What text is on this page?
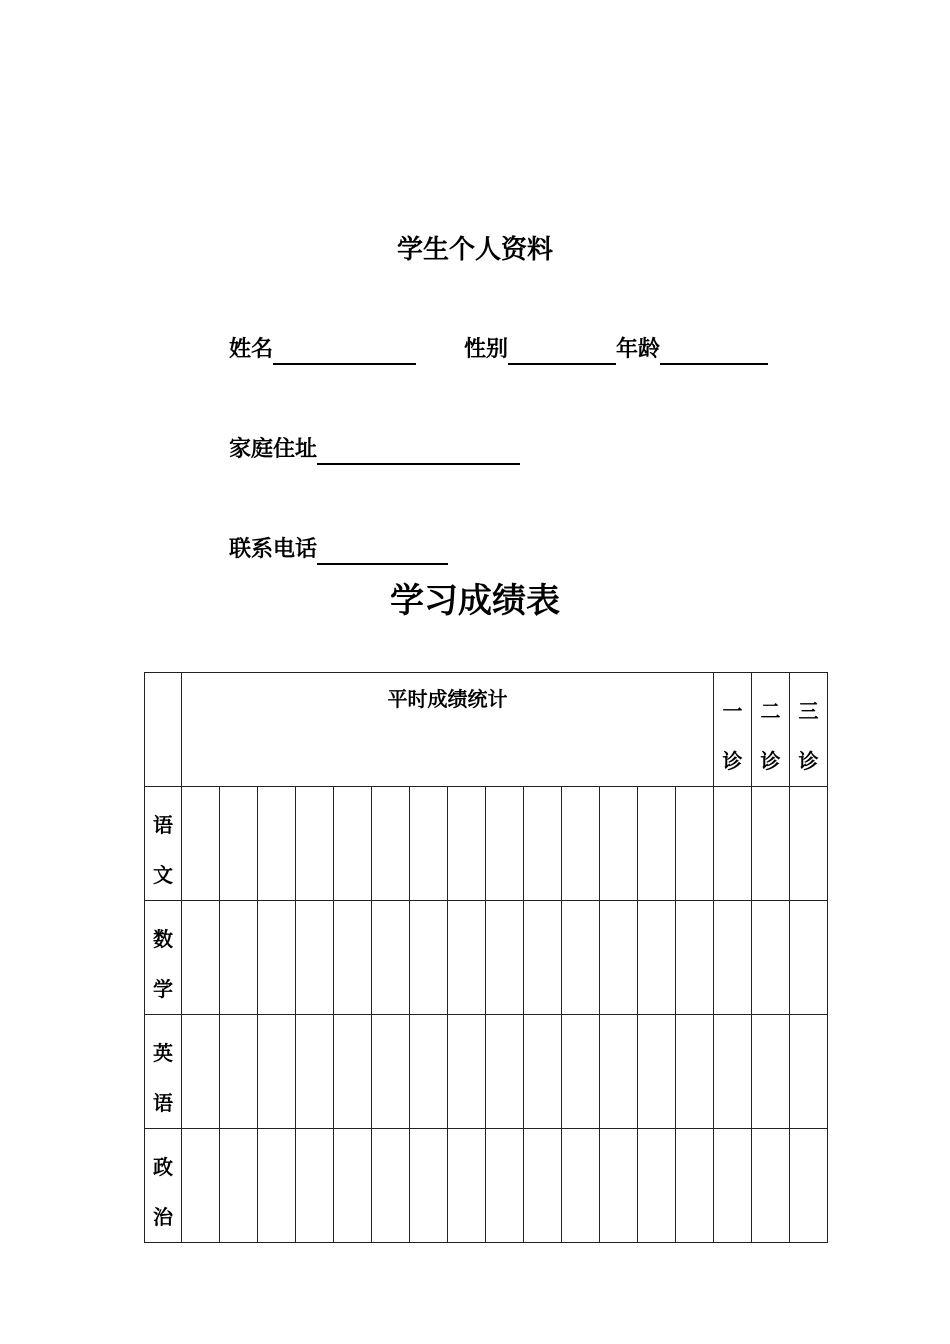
学生个人资料
姓名	性别	年龄
家庭住址
联系电话
学习成绩表

	平时成绩统计														一诊	二诊	三诊

语文																	

数学																	

英语																	

政治																	
